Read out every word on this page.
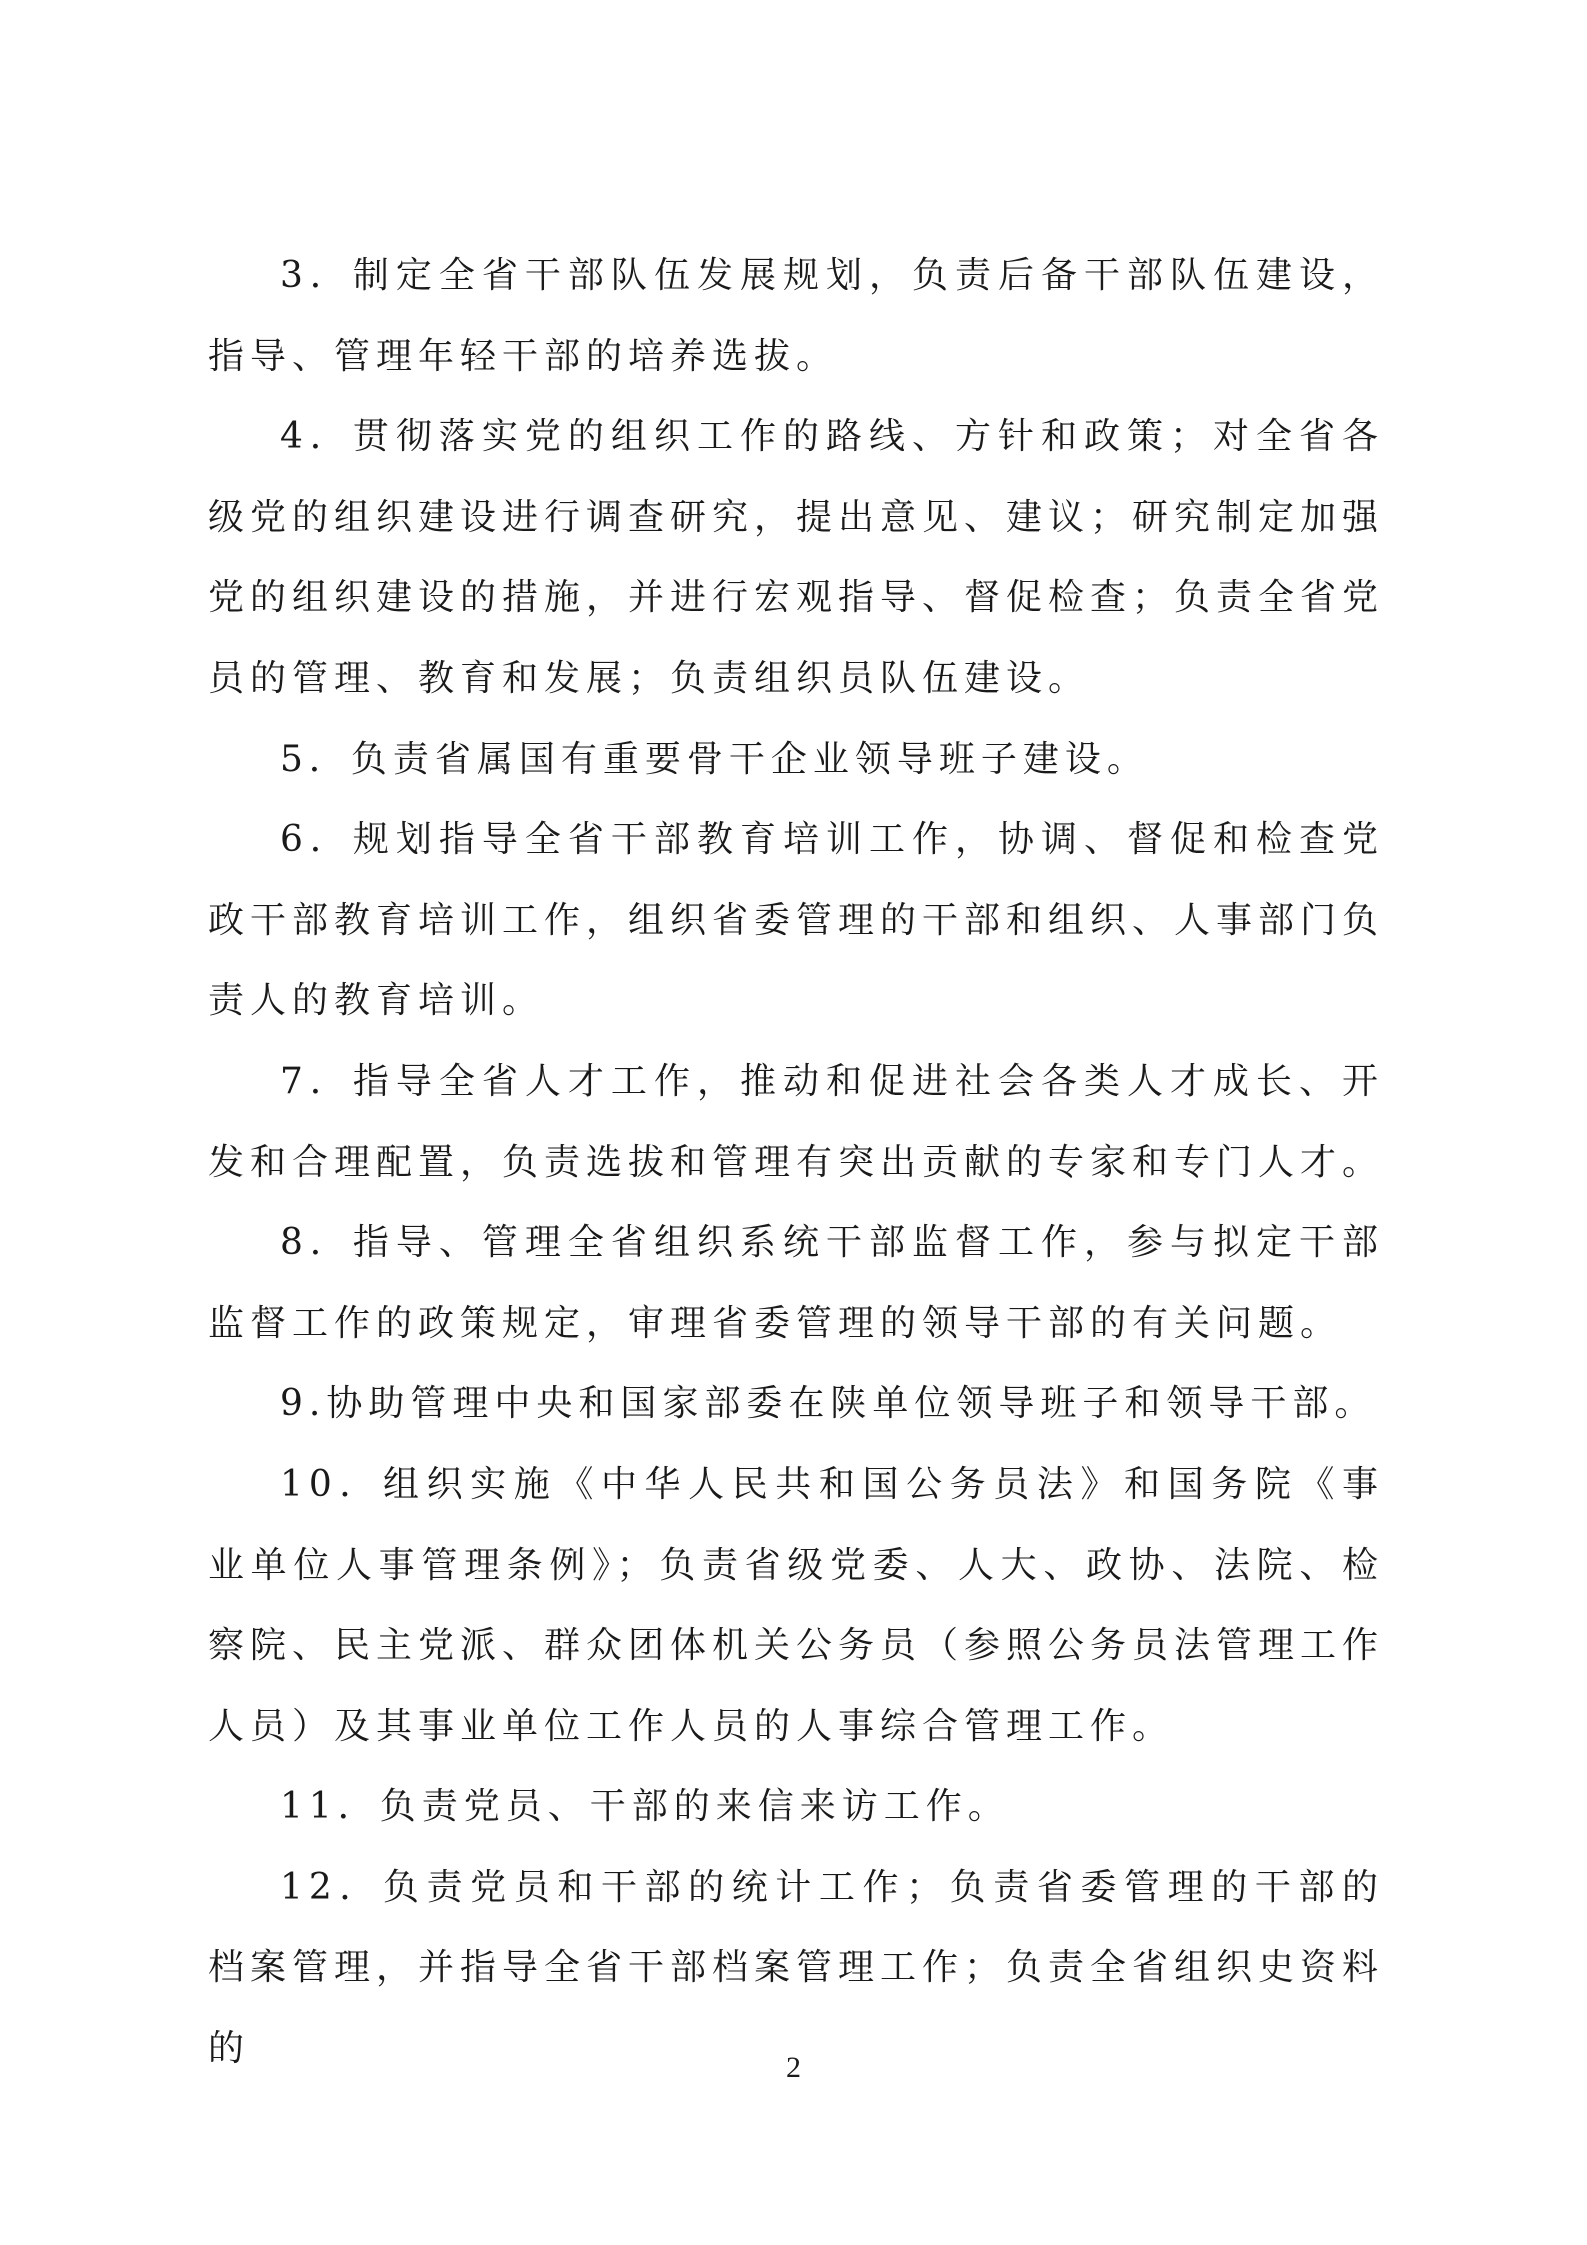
3．制定全省干部队伍发展规划，负责后备干部队伍建设，指导、管理年轻干部的培养选拔。

4．贯彻落实党的组织工作的路线、方针和政策；对全省各级党的组织建设进行调查研究，提出意见、建议；研究制定加强党的组织建设的措施，并进行宏观指导、督促检查；负责全省党员的管理、教育和发展；负责组织员队伍建设。

5．负责省属国有重要骨干企业领导班子建设。

6．规划指导全省干部教育培训工作，协调、督促和检查党政干部教育培训工作，组织省委管理的干部和组织、人事部门负责人的教育培训。

7．指导全省人才工作，推动和促进社会各类人才成长、开发和合理配置，负责选拔和管理有突出贡献的专家和专门人才。

8．指导、管理全省组织系统干部监督工作，参与拟定干部监督工作的政策规定，审理省委管理的领导干部的有关问题。

9.协助管理中央和国家部委在陕单位领导班子和领导干部。

10．组织实施《中华人民共和国公务员法》和国务院《事业单位人事管理条例》；负责省级党委、人大、政协、法院、检察院、民主党派、群众团体机关公务员（参照公务员法管理工作人员）及其事业单位工作人员的人事综合管理工作。

11．负责党员、干部的来信来访工作。

12．负责党员和干部的统计工作；负责省委管理的干部的档案管理，并指导全省干部档案管理工作；负责全省组织史资料的	2
